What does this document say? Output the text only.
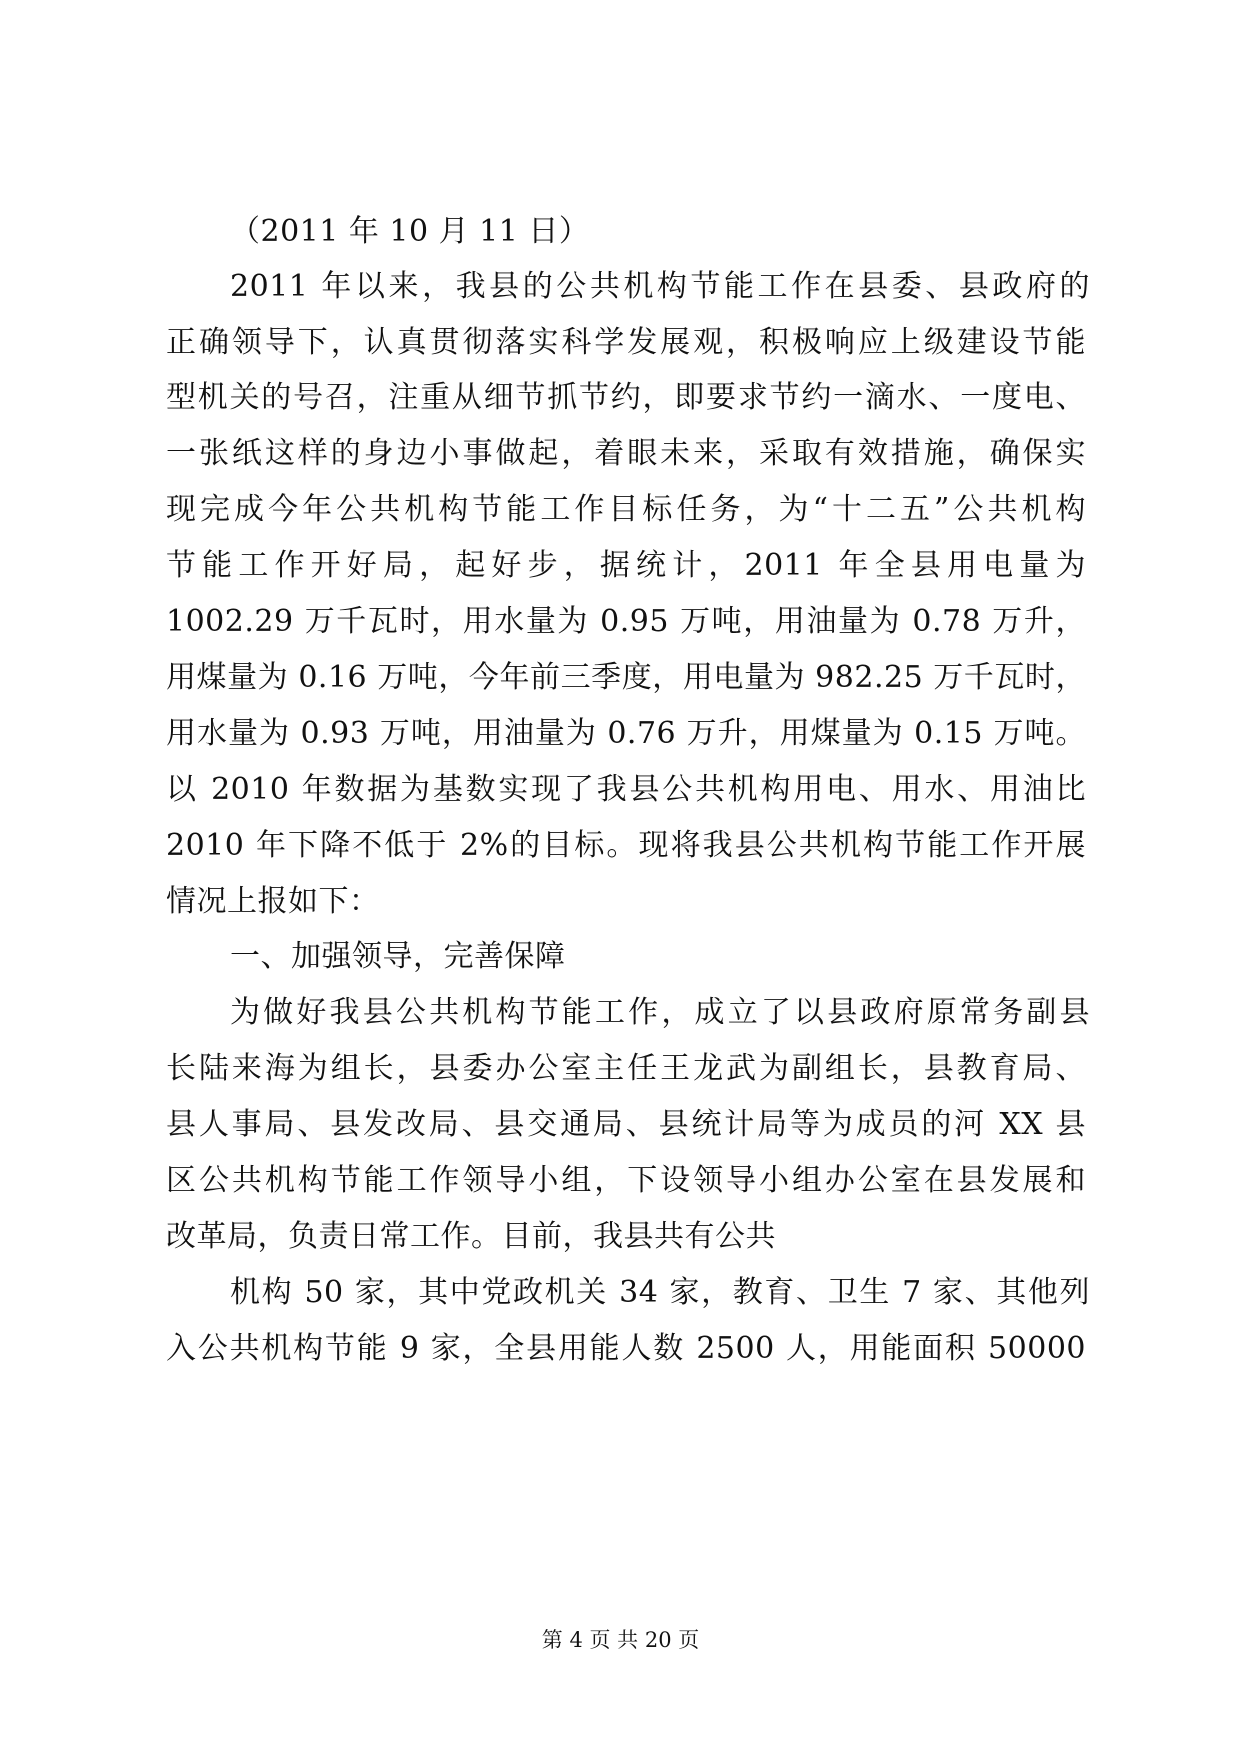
（2011 年 10 月 11 日）
2011 年以来，我县的公共机构节能工作在县委、县政府的
正确领导下，认真贯彻落实科学发展观，积极响应上级建设节能
型机关的号召，注重从细节抓节约，即要求节约一滴水、一度电、
一张纸这样的身边小事做起，着眼未来，采取有效措施，确保实
现完成今年公共机构节能工作目标任务，为“十二五”公共机构
节能工作开好局，起好步，据统计，2011 年全县用电量为
1002.29 万千瓦时，用水量为 0.95 万吨，用油量为 0.78 万升，
用煤量为 0.16 万吨，今年前三季度，用电量为 982.25 万千瓦时，
用水量为 0.93 万吨，用油量为 0.76 万升，用煤量为 0.15 万吨。
以 2010 年数据为基数实现了我县公共机构用电、用水、用油比
2010 年下降不低于 2%的目标。现将我县公共机构节能工作开展
情况上报如下：
一、加强领导，完善保障
为做好我县公共机构节能工作，成立了以县政府原常务副县
长陆来海为组长，县委办公室主任王龙武为副组长，县教育局、
县人事局、县发改局、县交通局、县统计局等为成员的河 XX 县
区公共机构节能工作领导小组，下设领导小组办公室在县发展和
改革局，负责日常工作。目前，我县共有公共
机构 50 家，其中党政机关 34 家，教育、卫生 7 家、其他列
入公共机构节能 9 家，全县用能人数 2500 人，用能面积 50000
第 4 页 共 20 页
